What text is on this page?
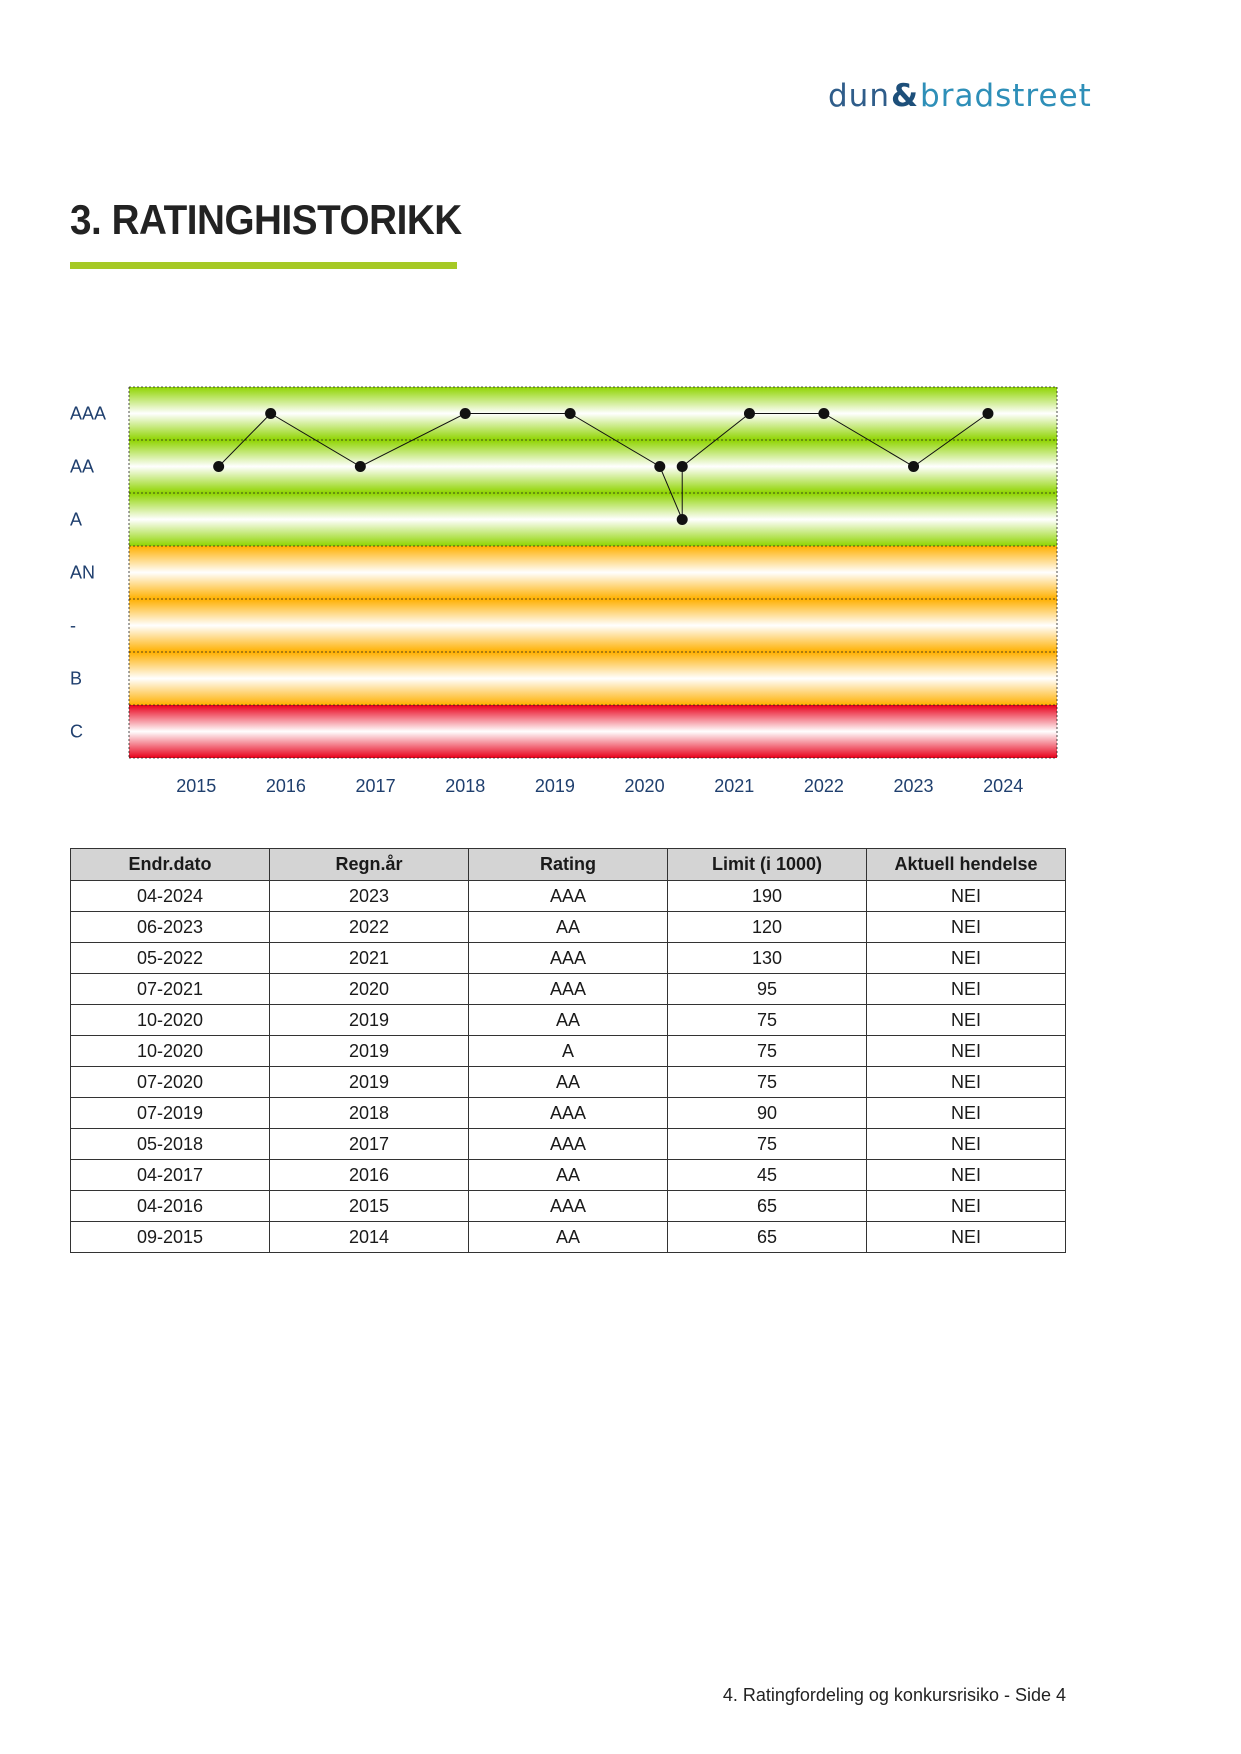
dun&bradstreet
3. RATINGHISTORIKK
AAA
AA
A
AN
-
B
C
2015	2016	2017	2018	2019	2020	2021	2022	2023	2024
Endr.dato	Regn.år	Rating	Limit (i 1000)	Aktuell hendelse
04-2024	2023	AAA	190	NEI
06-2023	2022	AA	120	NEI
05-2022	2021	AAA	130	NEI
07-2021	2020	AAA	95	NEI
10-2020	2019	AA	75	NEI
10-2020	2019	A	75	NEI
07-2020	2019	AA	75	NEI
07-2019	2018	AAA	90	NEI
05-2018	2017	AAA	75	NEI
04-2017	2016	AA	45	NEI
04-2016	2015	AAA	65	NEI
09-2015	2014	AA	65	NEI
4. Ratingfordeling og konkursrisiko - Side 4
